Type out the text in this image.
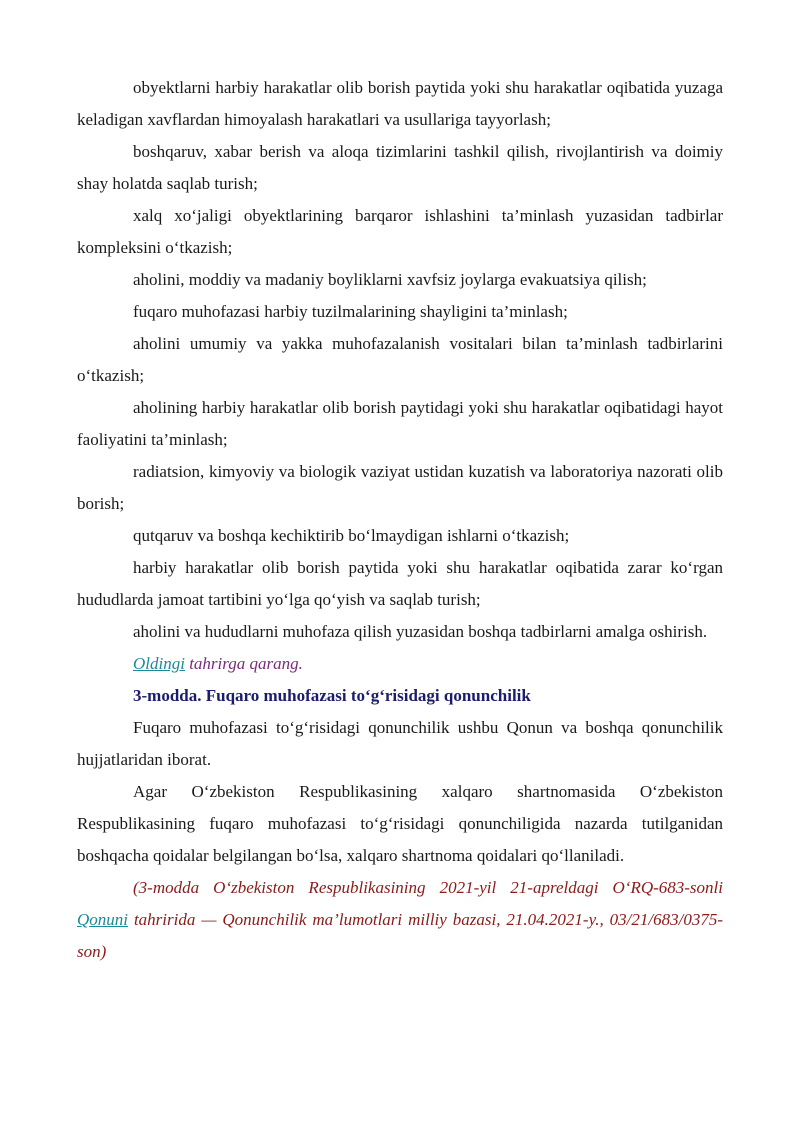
obyektlarni harbiy harakatlar olib borish paytida yoki shu harakatlar oqibatida yuzaga keladigan xavflardan himoyalash harakatlari va usullariga tayyorlash;

boshqaruv, xabar berish va aloqa tizimlarini tashkil qilish, rivojlantirish va doimiy shay holatda saqlab turish;

xalq xo‘jaligi obyektlarining barqaror ishlashini ta’minlash yuzasidan tadbirlar kompleksini o‘tkazish;

aholini, moddiy va madaniy boyliklarni xavfsiz joylarga evakuatsiya qilish;

fuqaro muhofazasi harbiy tuzilmalarining shayligini ta’minlash;

aholini umumiy va yakka muhofazalanish vositalari bilan ta’minlash tadbirlarini o‘tkazish;

aholining harbiy harakatlar olib borish paytidagi yoki shu harakatlar oqibatidagi hayot faoliyatini ta’minlash;

radiatsion, kimyoviy va biologik vaziyat ustidan kuzatish va laboratoriya nazorati olib borish;

qutqaruv va boshqa kechiktirib bo‘lmaydigan ishlarni o‘tkazish;

harbiy harakatlar olib borish paytida yoki shu harakatlar oqibatida zarar ko‘rgan hududlarda jamoat tartibini yo‘lga qo‘yish va saqlab turish;

aholini va hududlarni muhofaza qilish yuzasidan boshqa tadbirlarni amalga oshirish.

Oldingi tahrirga qarang.

3-modda. Fuqaro muhofazasi to‘g‘risidagi qonunchilik

Fuqaro muhofazasi to‘g‘risidagi qonunchilik ushbu Qonun va boshqa qonunchilik hujjatlaridan iborat.

Agar O‘zbekiston Respublikasining xalqaro shartnomasida O‘zbekiston Respublikasining fuqaro muhofazasi to‘g‘risidagi qonunchiligida nazarda tutilganidan boshqacha qoidalar belgilangan bo‘lsa, xalqaro shartnoma qoidalari qo‘llaniladi.

(3-modda O‘zbekiston Respublikasining 2021-yil 21-apreldagi O‘RQ-683-sonli Qonuni tahririda — Qonunchilik ma’lumotlari milliy bazasi, 21.04.2021-y., 03/21/683/0375-son)
